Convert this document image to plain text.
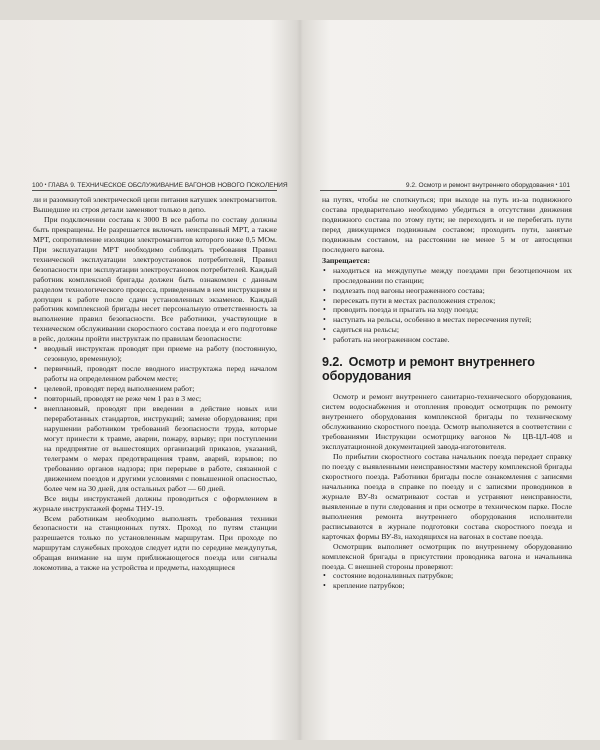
100 • ГЛАВА 9. ТЕХНИЧЕСКОЕ ОБСЛУЖИВАНИЕ ВАГОНОВ НОВОГО ПОКОЛЕНИЯ

ли и разомкнутой электрической цепи питания катушек электромагнитов. Вышедшие из строя детали заменяют только в депо.

При подключении состава к 3000 В все работы по составу должны быть прекращены. Не разрешается включать неисправный МРТ, а также МРТ, сопротивление изоляции электромагнитов которого ниже 0,5 МОм. При эксплуатации МРТ необходимо соблюдать требования Правил технической эксплуатации электроустановок потребителей, Правил безопасности при эксплуатации электроустановок потребителей. Каждый работник комплексной бригады должен быть ознакомлен с данным разделом технологического процесса, приведенным в нем инструкциям и допущен к работе после сдачи установленных экзаменов. Каждый работник комплексной бригады несет персональную ответственность за выполнение правил безопасности. Все работники, участвующие в техническом обслуживании скоростного состава поезда и его подготовке в рейс, должны пройти инструктаж по правилам безопасности:

• вводный инструктаж проводят при приеме на работу (постоянную, сезонную, временную);
• первичный, проводят после вводного инструктажа перед началом работы на определенном рабочем месте;
• целевой, проводят перед выполнением работ;
• повторный, проводят не реже чем 1 раз в 3 мес;
• внеплановый, проводят при введении в действие новых или переработанных стандартов, инструкций; замене оборудования; при нарушении работником требований безопасности труда, которые могут принести к травме, аварии, пожару, взрыву; при поступлении на предприятие от вышестоящих организаций приказов, указаний, телеграмм о мерах предотвращения травм, аварий, взрывов; по требованию органов надзора; при перерыве в работе, связанной с движением поездов и другими условиями с повышенной опасностью, более чем на 30 дней, для остальных работ — 60 дней.

Все виды инструктажей должны проводиться с оформлением в журнале инструктажей формы ТНУ-19.

Всем работникам необходимо выполнять требования техники безопасности на станционных путях. Проход по путям станции разрешается только по установленным маршрутам. При проходе по маршрутам служебных проходов следует идти по середине междупутья, обращая внимание на шум приближающегося поезда или сигналы локомотива, а также на устройства и предметы, находящиеся

9.2. Осмотр и ремонт внутреннего оборудования • 101

на путях, чтобы не споткнуться; при выходе на путь из-за подвижного состава предварительно необходимо убедиться в отсутствии движения подвижного состава по этому пути; не переходить и не перебегать пути перед движущимся подвижным составом; проходить пути, занятые подвижным составом, на расстоянии не менее 5 м от автосцепки последнего вагона.

Запрещается:

• находиться на междупутье между поездами при безотцепочном их проследовании по станции;
• подлезать под вагоны неограженного состава;
• пересекать пути в местах расположения стрелок;
• проводить поезда и прыгать на ходу поезда;
• наступать на рельсы, особенно в местах пересечения путей;
• садиться на рельсы;
• работать на неограженном составе.
9.2. Осмотр и ремонт внутреннего оборудования

Осмотр и ремонт внутреннего санитарно-технического оборудования, систем водоснабжения и отопления проводит осмотрщик по ремонту внутреннего оборудования комплексной бригады по техническому обслуживанию скоростного поезда. Осмотр выполняется в соответствии с требованиями Инструкции осмотрщику вагонов № ЦВ-ЦЛ-408 и эксплуатационной документацией завода-изготовителя.

По прибытии скоростного состава начальник поезда передает справку по поезду с выявленными неисправностями мастеру комплексной бригады скоростного поезда. Работники бригады после ознакомления с записями начальника поезда в справке по поезду и с записями проводников в журнале ВУ-8з осматривают состав и устраняют неисправности, выявленные в пути следования и при осмотре в техническом парке. После выполнения ремонта внутреннего оборудования исполнители расписываются в журнале подготовки состава скоростного поезда и карточках формы ВУ-8з, находящихся на вагонах в составе поезда.

Осмотрщик выполняет осмотрщик по внутреннему оборудованию комплексной бригады в присутствии проводника вагона и начальника поезда. С внешней стороны проверяют:

• состояние водоналивных патрубков;
• крепление патрубков;
